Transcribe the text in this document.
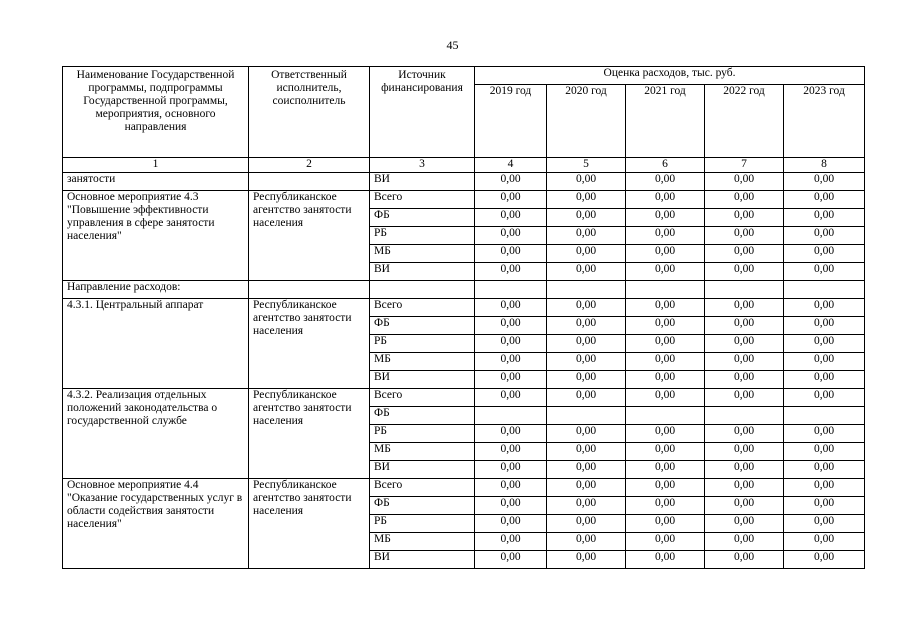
45
Наименование Государственной программы, подпрограммы Государственной программы, мероприятия, основного направления	Ответственный исполнитель, соисполнитель	Источник финансирования	Оценка расходов, тыс. руб.				
			2019 год	2020 год	2021 год	2022 год	2023 год
1	2	3	4	5	6	7	8
занятости		ВИ	0,00	0,00	0,00	0,00	0,00
Основное мероприятие 4.3 "Повышение эффективности управления в сфере занятости населения"	Республиканское агентство занятости населения	Всего	0,00	0,00	0,00	0,00	0,00
		ФБ	0,00	0,00	0,00	0,00	0,00
		РБ	0,00	0,00	0,00	0,00	0,00
		МБ	0,00	0,00	0,00	0,00	0,00
		ВИ	0,00	0,00	0,00	0,00	0,00
Направление расходов:							
4.3.1. Центральный аппарат	Республиканское агентство занятости населения	Всего	0,00	0,00	0,00	0,00	0,00
		ФБ	0,00	0,00	0,00	0,00	0,00
		РБ	0,00	0,00	0,00	0,00	0,00
		МБ	0,00	0,00	0,00	0,00	0,00
		ВИ	0,00	0,00	0,00	0,00	0,00
4.3.2. Реализация отдельных положений законодательства о государственной службе	Республиканское агентство занятости населения	Всего	0,00	0,00	0,00	0,00	0,00
		ФБ					
		РБ	0,00	0,00	0,00	0,00	0,00
		МБ	0,00	0,00	0,00	0,00	0,00
		ВИ	0,00	0,00	0,00	0,00	0,00
Основное мероприятие 4.4 "Оказание государственных услуг в области содействия занятости населения"	Республиканское агентство занятости населения	Всего	0,00	0,00	0,00	0,00	0,00
		ФБ	0,00	0,00	0,00	0,00	0,00
		РБ	0,00	0,00	0,00	0,00	0,00
		МБ	0,00	0,00	0,00	0,00	0,00
		ВИ	0,00	0,00	0,00	0,00	0,00
